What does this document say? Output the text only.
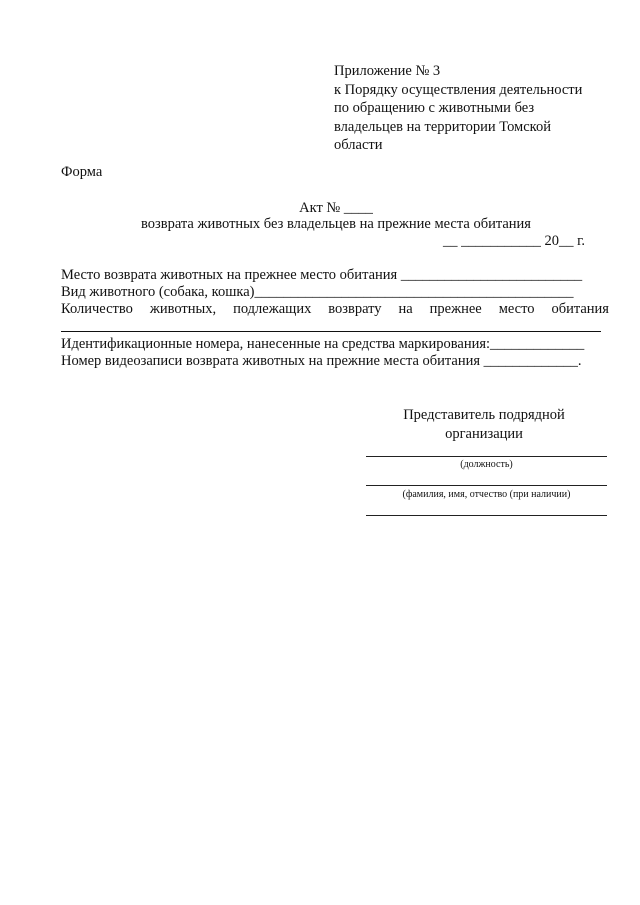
Приложение № 3
к Порядку осуществления деятельности
по обращению с животными без
владельцев на территории Томской
области
Форма
Акт № ____
возврата животных без владельцев на прежние места обитания
__ ___________ 20__ г.
Место возврата животных на прежнее место обитания _________________________
Вид животного (собака, кошка)____________________________________________
Количество животных, подлежащих возврату на прежнее место обитания
Идентификационные номера, нанесенные на средства маркирования:_____________
Номер видеозаписи возврата животных на прежние места обитания _____________.
Представитель подрядной
организации
(должность)
(фамилия, имя, отчество (при наличии)
